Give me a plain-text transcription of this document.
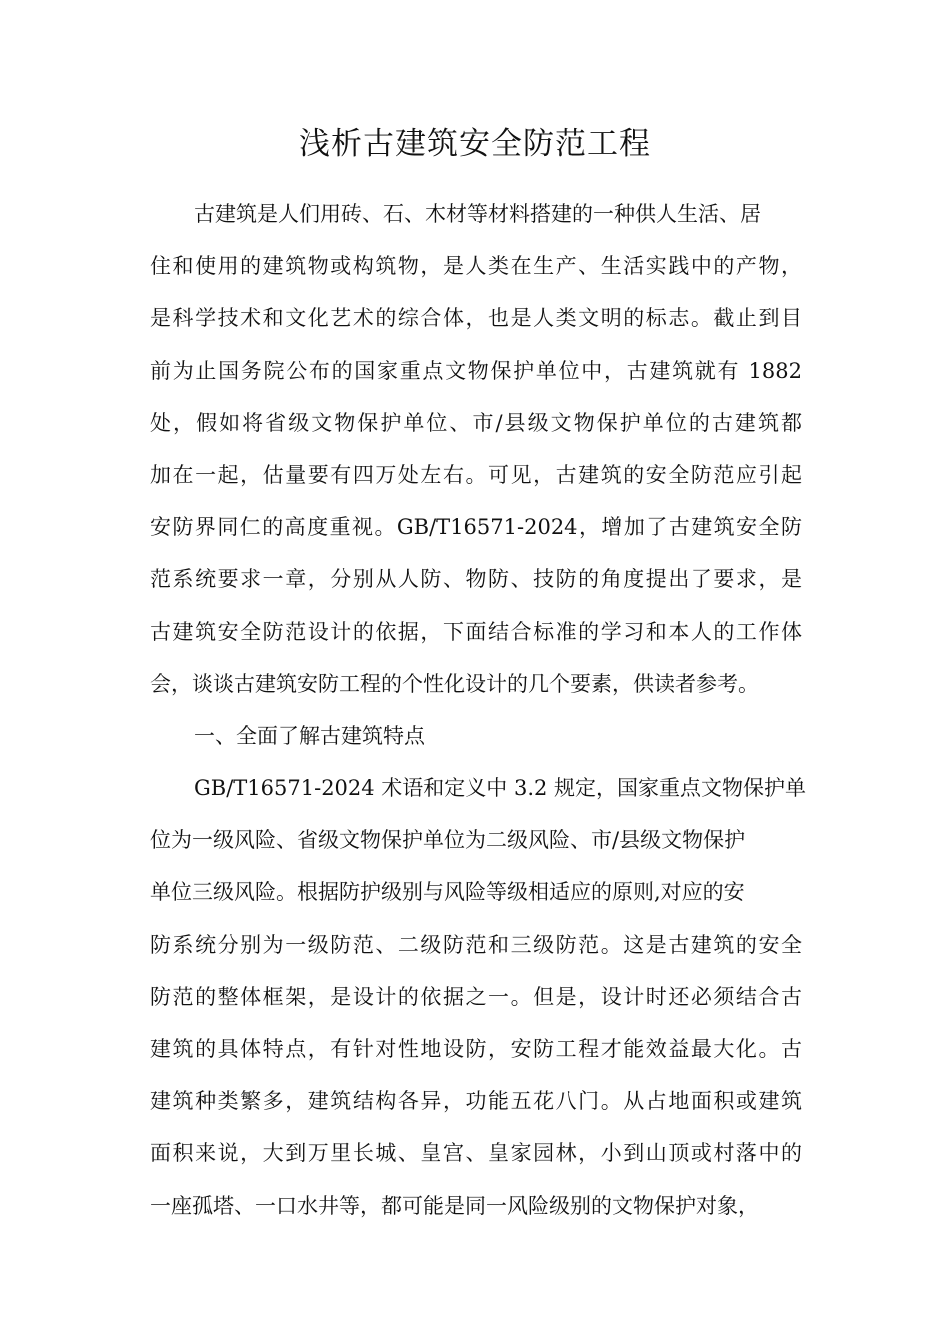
浅析古建筑安全防范工程
古建筑是人们用砖、石、木材等材料搭建的一种供人生活、居
住和使用的建筑物或构筑物，是人类在生产、生活实践中的产物，
是科学技术和文化艺术的综合体，也是人类文明的标志。截止到目
前为止国务院公布的国家重点文物保护单位中，古建筑就有 1882
处，假如将省级文物保护单位、市/县级文物保护单位的古建筑都
加在一起，估量要有四万处左右。可见，古建筑的安全防范应引起
安防界同仁的高度重视。GB/T16571-2024，增加了古建筑安全防
范系统要求一章，分别从人防、物防、技防的角度提出了要求，是
古建筑安全防范设计的依据，下面结合标准的学习和本人的工作体
会，谈谈古建筑安防工程的个性化设计的几个要素，供读者参考。
一、全面了解古建筑特点
GB/T16571-2024 术语和定义中 3.2 规定，国家重点文物保护单
位为一级风险、省级文物保护单位为二级风险、市/县级文物保护
单位三级风险。根据防护级别与风险等级相适应的原则,对应的安
防系统分别为一级防范、二级防范和三级防范。这是古建筑的安全
防范的整体框架，是设计的依据之一。但是，设计时还必须结合古
建筑的具体特点，有针对性地设防，安防工程才能效益最大化。古
建筑种类繁多，建筑结构各异，功能五花八门。从占地面积或建筑
面积来说，大到万里长城、皇宫、皇家园林，小到山顶或村落中的
一座孤塔、一口水井等，都可能是同一风险级别的文物保护对象，
